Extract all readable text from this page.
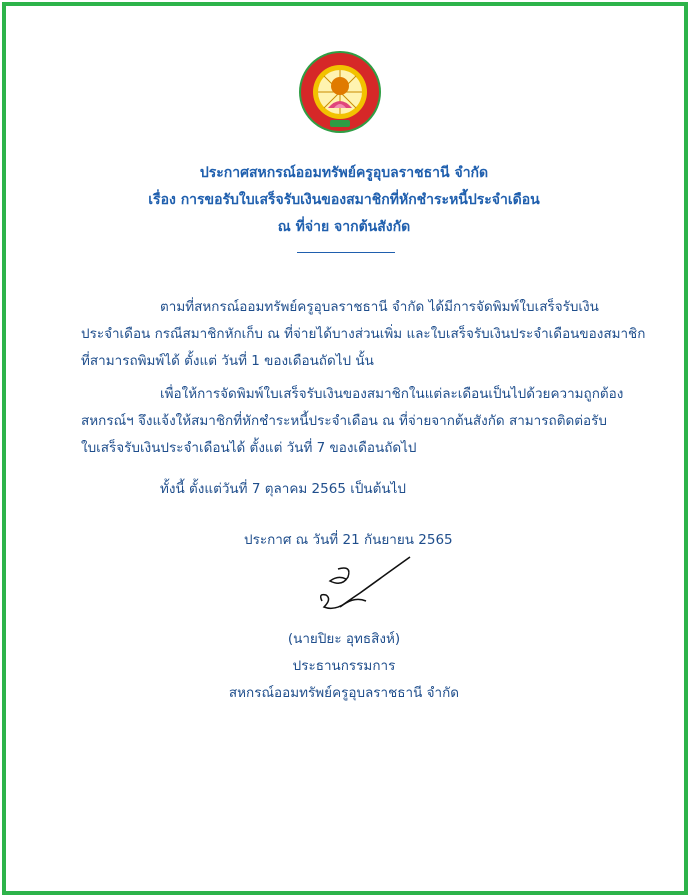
ประกาศสหกรณ์ออมทรัพย์ครูอุบลราชธานี จำกัด
เรื่อง การขอรับใบเสร็จรับเงินของสมาชิกที่หักชำระหนี้ประจำเดือน
ณ ที่จ่าย จากต้นสังกัด
ตามที่สหกรณ์ออมทรัพย์ครูอุบลราชธานี จำกัด ได้มีการจัดพิมพ์ใบเสร็จรับเงิน
ประจำเดือน กรณีสมาชิกหักเก็บ ณ ที่จ่ายได้บางส่วนเพิ่ม และใบเสร็จรับเงินประจำเดือนของสมาชิก
ที่สามารถพิมพ์ได้ ตั้งแต่ วันที่ 1 ของเดือนถัดไป นั้น
เพื่อให้การจัดพิมพ์ใบเสร็จรับเงินของสมาชิกในแต่ละเดือนเป็นไปด้วยความถูกต้อง
สหกรณ์ฯ จึงแจ้งให้สมาชิกที่หักชำระหนี้ประจำเดือน ณ ที่จ่ายจากต้นสังกัด สามารถติดต่อรับ
ใบเสร็จรับเงินประจำเดือนได้ ตั้งแต่ วันที่ 7 ของเดือนถัดไป
ทั้งนี้ ตั้งแต่วันที่ 7 ตุลาคม 2565 เป็นต้นไป
ประกาศ ณ วันที่ 21 กันยายน 2565
(นายปิยะ อุทธสิงห์)
ประธานกรรมการ
สหกรณ์ออมทรัพย์ครูอุบลราชธานี จำกัด
